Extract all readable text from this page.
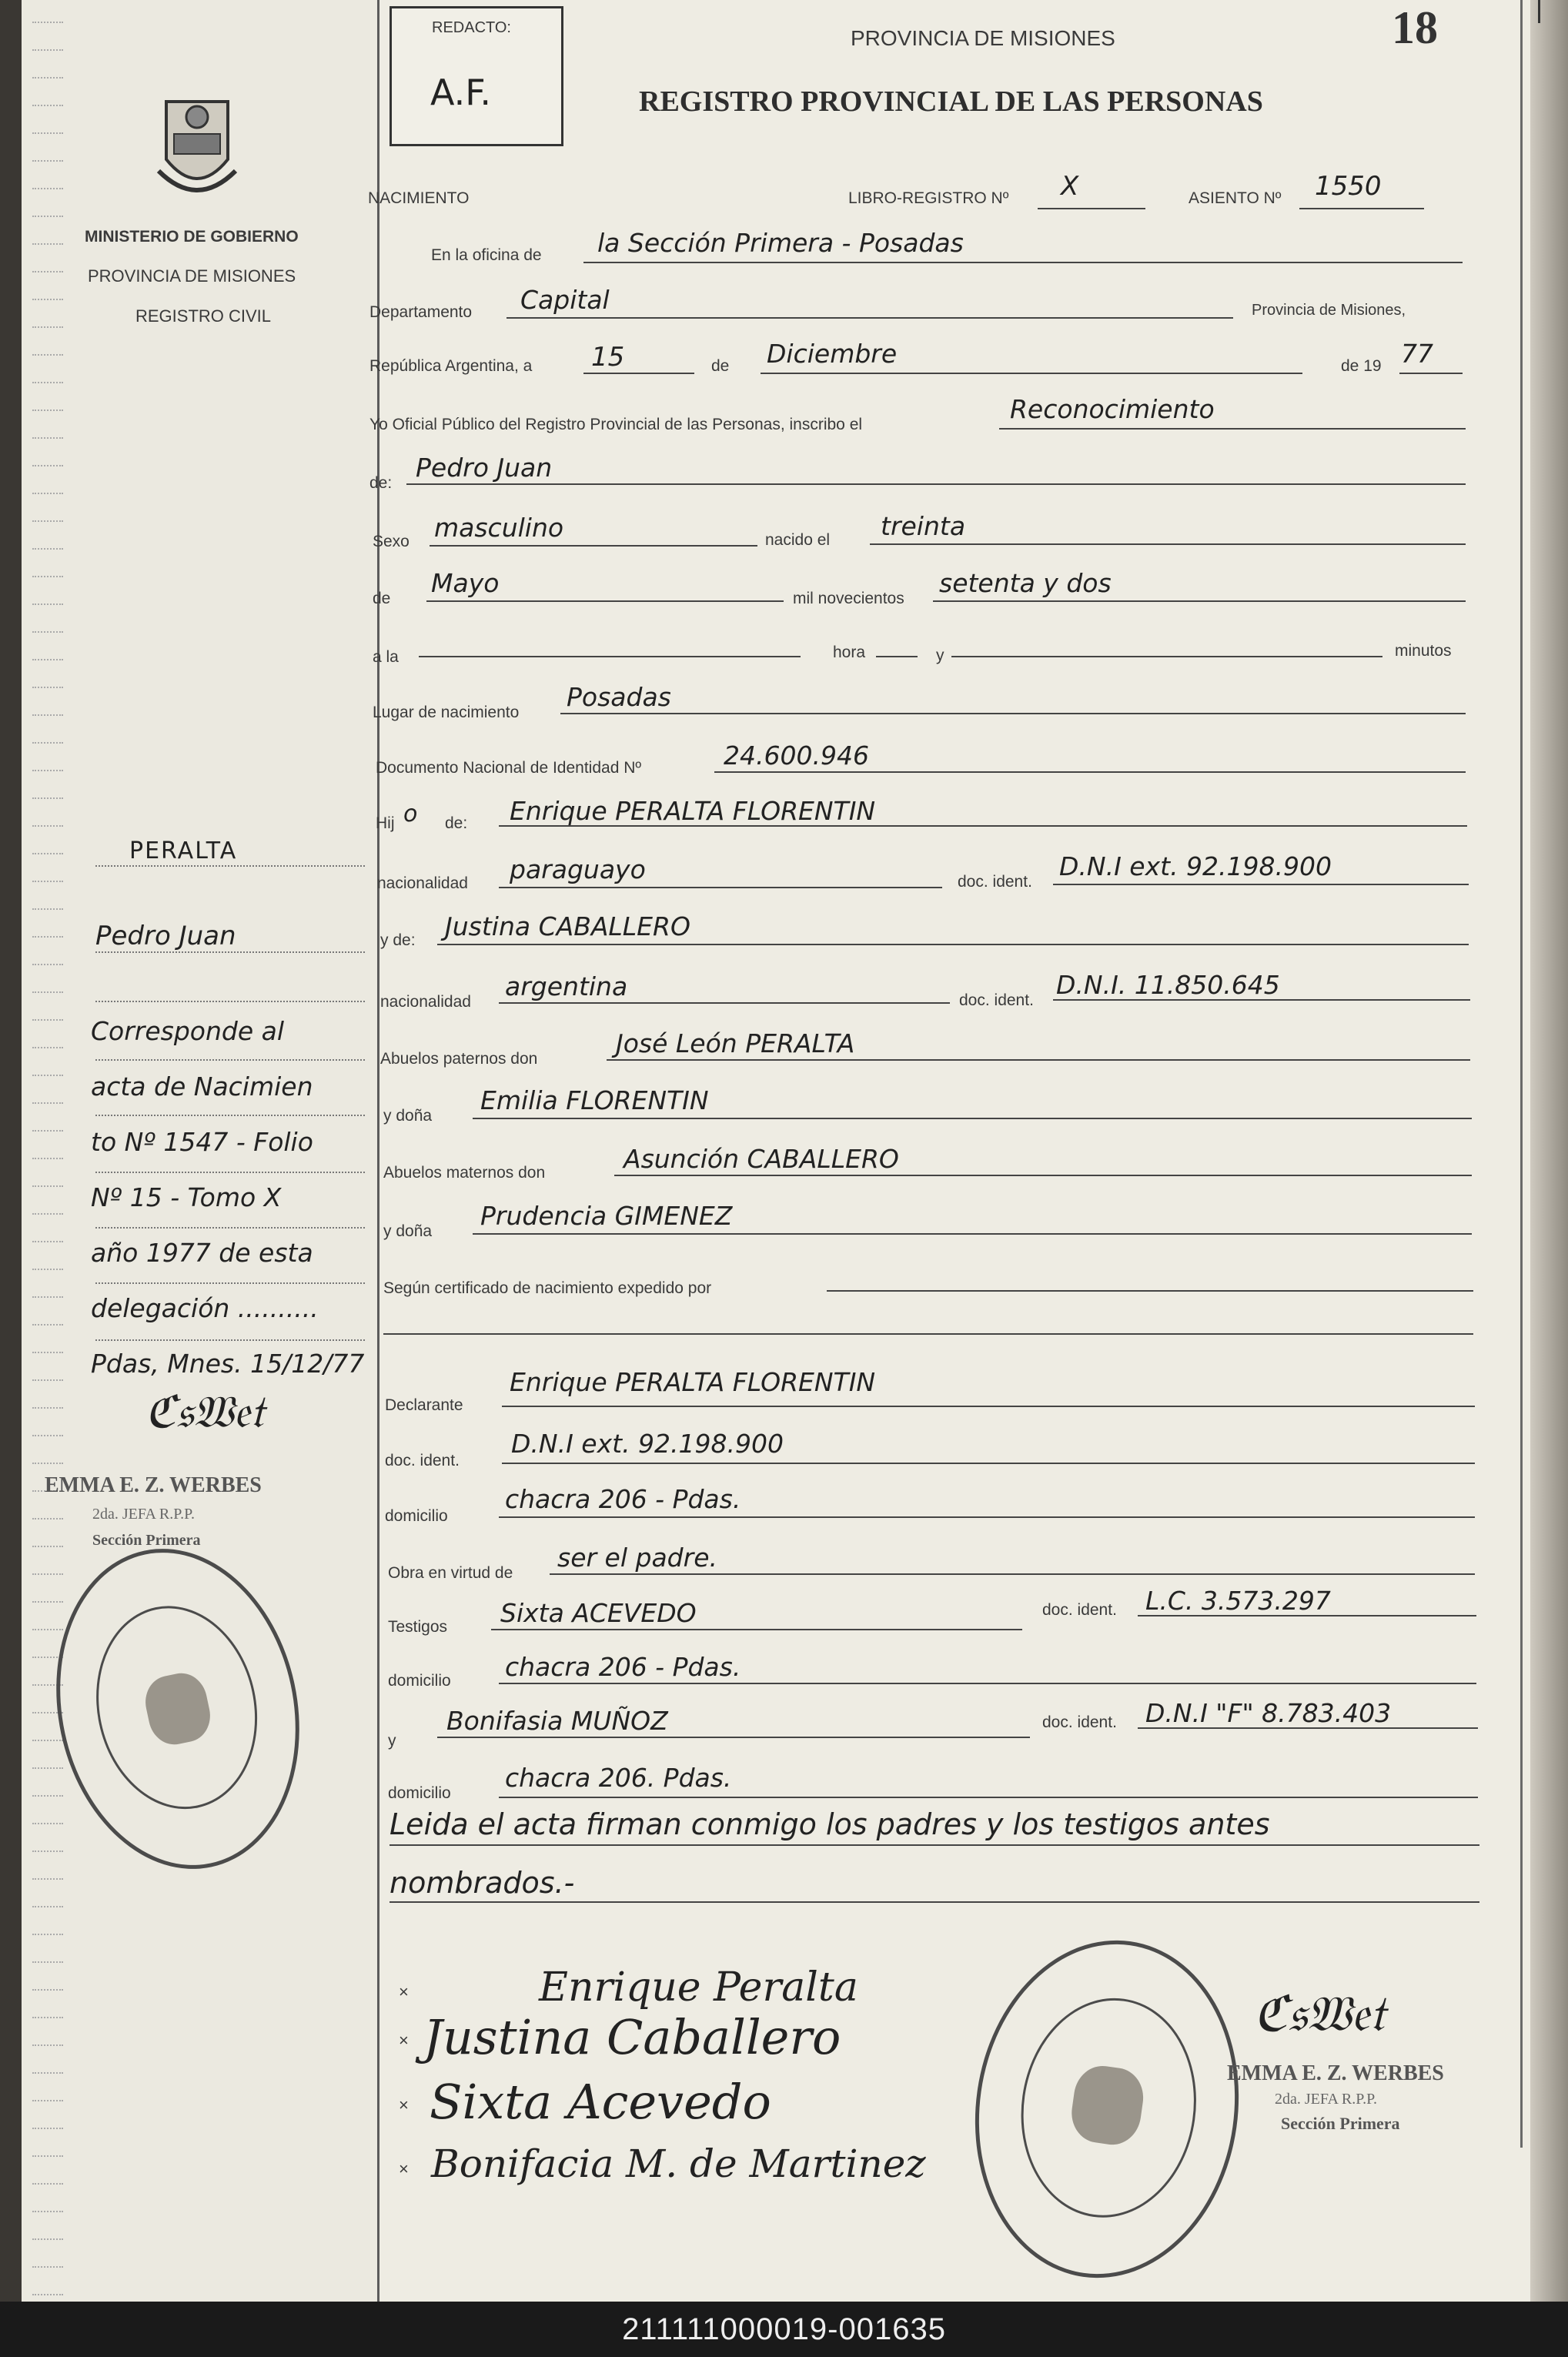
MINISTERIO DE GOBIERNO
PROVINCIA DE MISIONES
REGISTRO CIVIL
PERALTA
Pedro Juan
Corresponde al
acta de Nacimien
to Nº 1547 - Folio
Nº 15 - Tomo X
año 1977 de esta
delegación ..........
Pdas, Mnes. 15/12/77
ℭ𝔰𝔚𝔢𝔱
EMMA E. Z. WERBES
2da. JEFA R.P.P.
Sección Primera
REDACTO:
A.F.
18
PROVINCIA DE MISIONES
REGISTRO PROVINCIAL DE LAS PERSONAS
NACIMIENTO	LIBRO-REGISTRO Nº X	ASIENTO Nº 1550
En la oficina de la Sección Primera - Posadas
Departamento Capital	Provincia de Misiones,
República Argentina, a 15	de Diciembre	de 19 77
Yo Oficial Público del Registro Provincial de las Personas, inscribo el
Reconocimiento
de:
Pedro Juan
Sexo masculino	nacido el treinta
de
Mayo
mil novecientos
setenta y dos
a la	hora	y	minutos
Lugar de nacimiento
Posadas
Documento Nacional de Identidad Nº	24.600.946
Hij o de: Enrique PERALTA FLORENTIN
nacionalidad paraguayo	doc. ident.
D.N.I ext. 92.198.900
y de: Justina CABALLERO
nacionalidad
argentina	doc. ident.
D.N.I. 11.850.645
Abuelos paternos don
José León PERALTA
y doña
Emilia FLORENTIN
Abuelos maternos don	Asunción CABALLERO
y doña
Prudencia GIMENEZ
Según certificado de nacimiento expedido por
Declarante
Enrique PERALTA FLORENTIN
doc. ident.
D.N.I ext. 92.198.900
domicilio
chacra 206 - Pdas.
Obra en virtud de
ser el padre.
Testigos Sixta ACEVEDO	doc. ident. L.C. 3.573.297
domicilio chacra 206 - Pdas.
y
Bonifasia MUÑOZ	doc. ident. D.N.I "F" 8.783.403
domicilio
chacra 206. Pdas.
Leida el acta firman conmigo los padres y los testigos antes
nombrados.-
×	Enrique Peralta
× Justina Caballero
× Sixta Acevedo
× Bonifacia M. de Martinez
ℭ𝔰𝔚𝔢𝔱
EMMA E. Z. WERBES
2da. JEFA R.P.P.
Sección Primera
211111000019-001635
